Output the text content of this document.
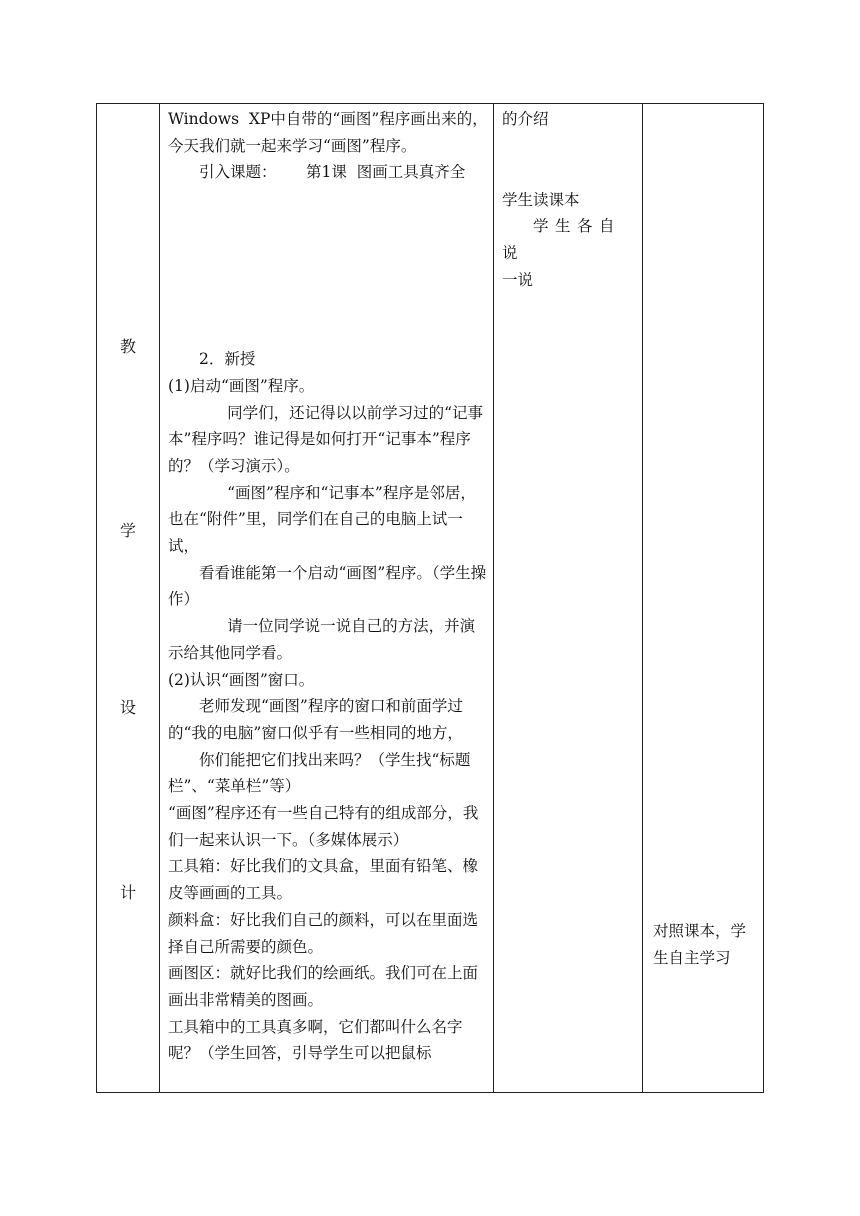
教
学
设
计

Windows  XP中自带的“画图”程序画出来的，今天我们就一起来学习“画图”程序。

引入课题：      第1课  图画工具真齐全

2．新授

(1)启动“画图”程序。

同学们，还记得以以前学习过的“记事本”程序吗？谁记得是如何打开“记事本”程序   的？（学习演示）。

“画图”程序和“记事本”程序是邻居，也在“附件”里，同学们在自己的电脑上试一试，

看看谁能第一个启动“画图”程序。（学生操作）

请一位同学说一说自己的方法，并演示给其他同学看。

(2)认识“画图”窗口。

老师发现“画图”程序的窗口和前面学过的“我的电脑”窗口似乎有一些相同的地方，

你们能把它们找出来吗？（学生找“标题栏”、“菜单栏”等）

“画图”程序还有一些自己特有的组成部分，我们一起来认识一下。（多媒体展示）

工具箱：好比我们的文具盒，里面有铅笔、橡皮等画画的工具。

颜料盒：好比我们自己的颜料，可以在里面选择自己所需要的颜色。

画图区：就好比我们的绘画纸。我们可在上面画出非常精美的图画。

工具箱中的工具真多啊，它们都叫什么名字呢？（学生回答，引导学生可以把鼠标

的介绍

学生读课本

学生各自说

一说

对照课本，学生自主学习
